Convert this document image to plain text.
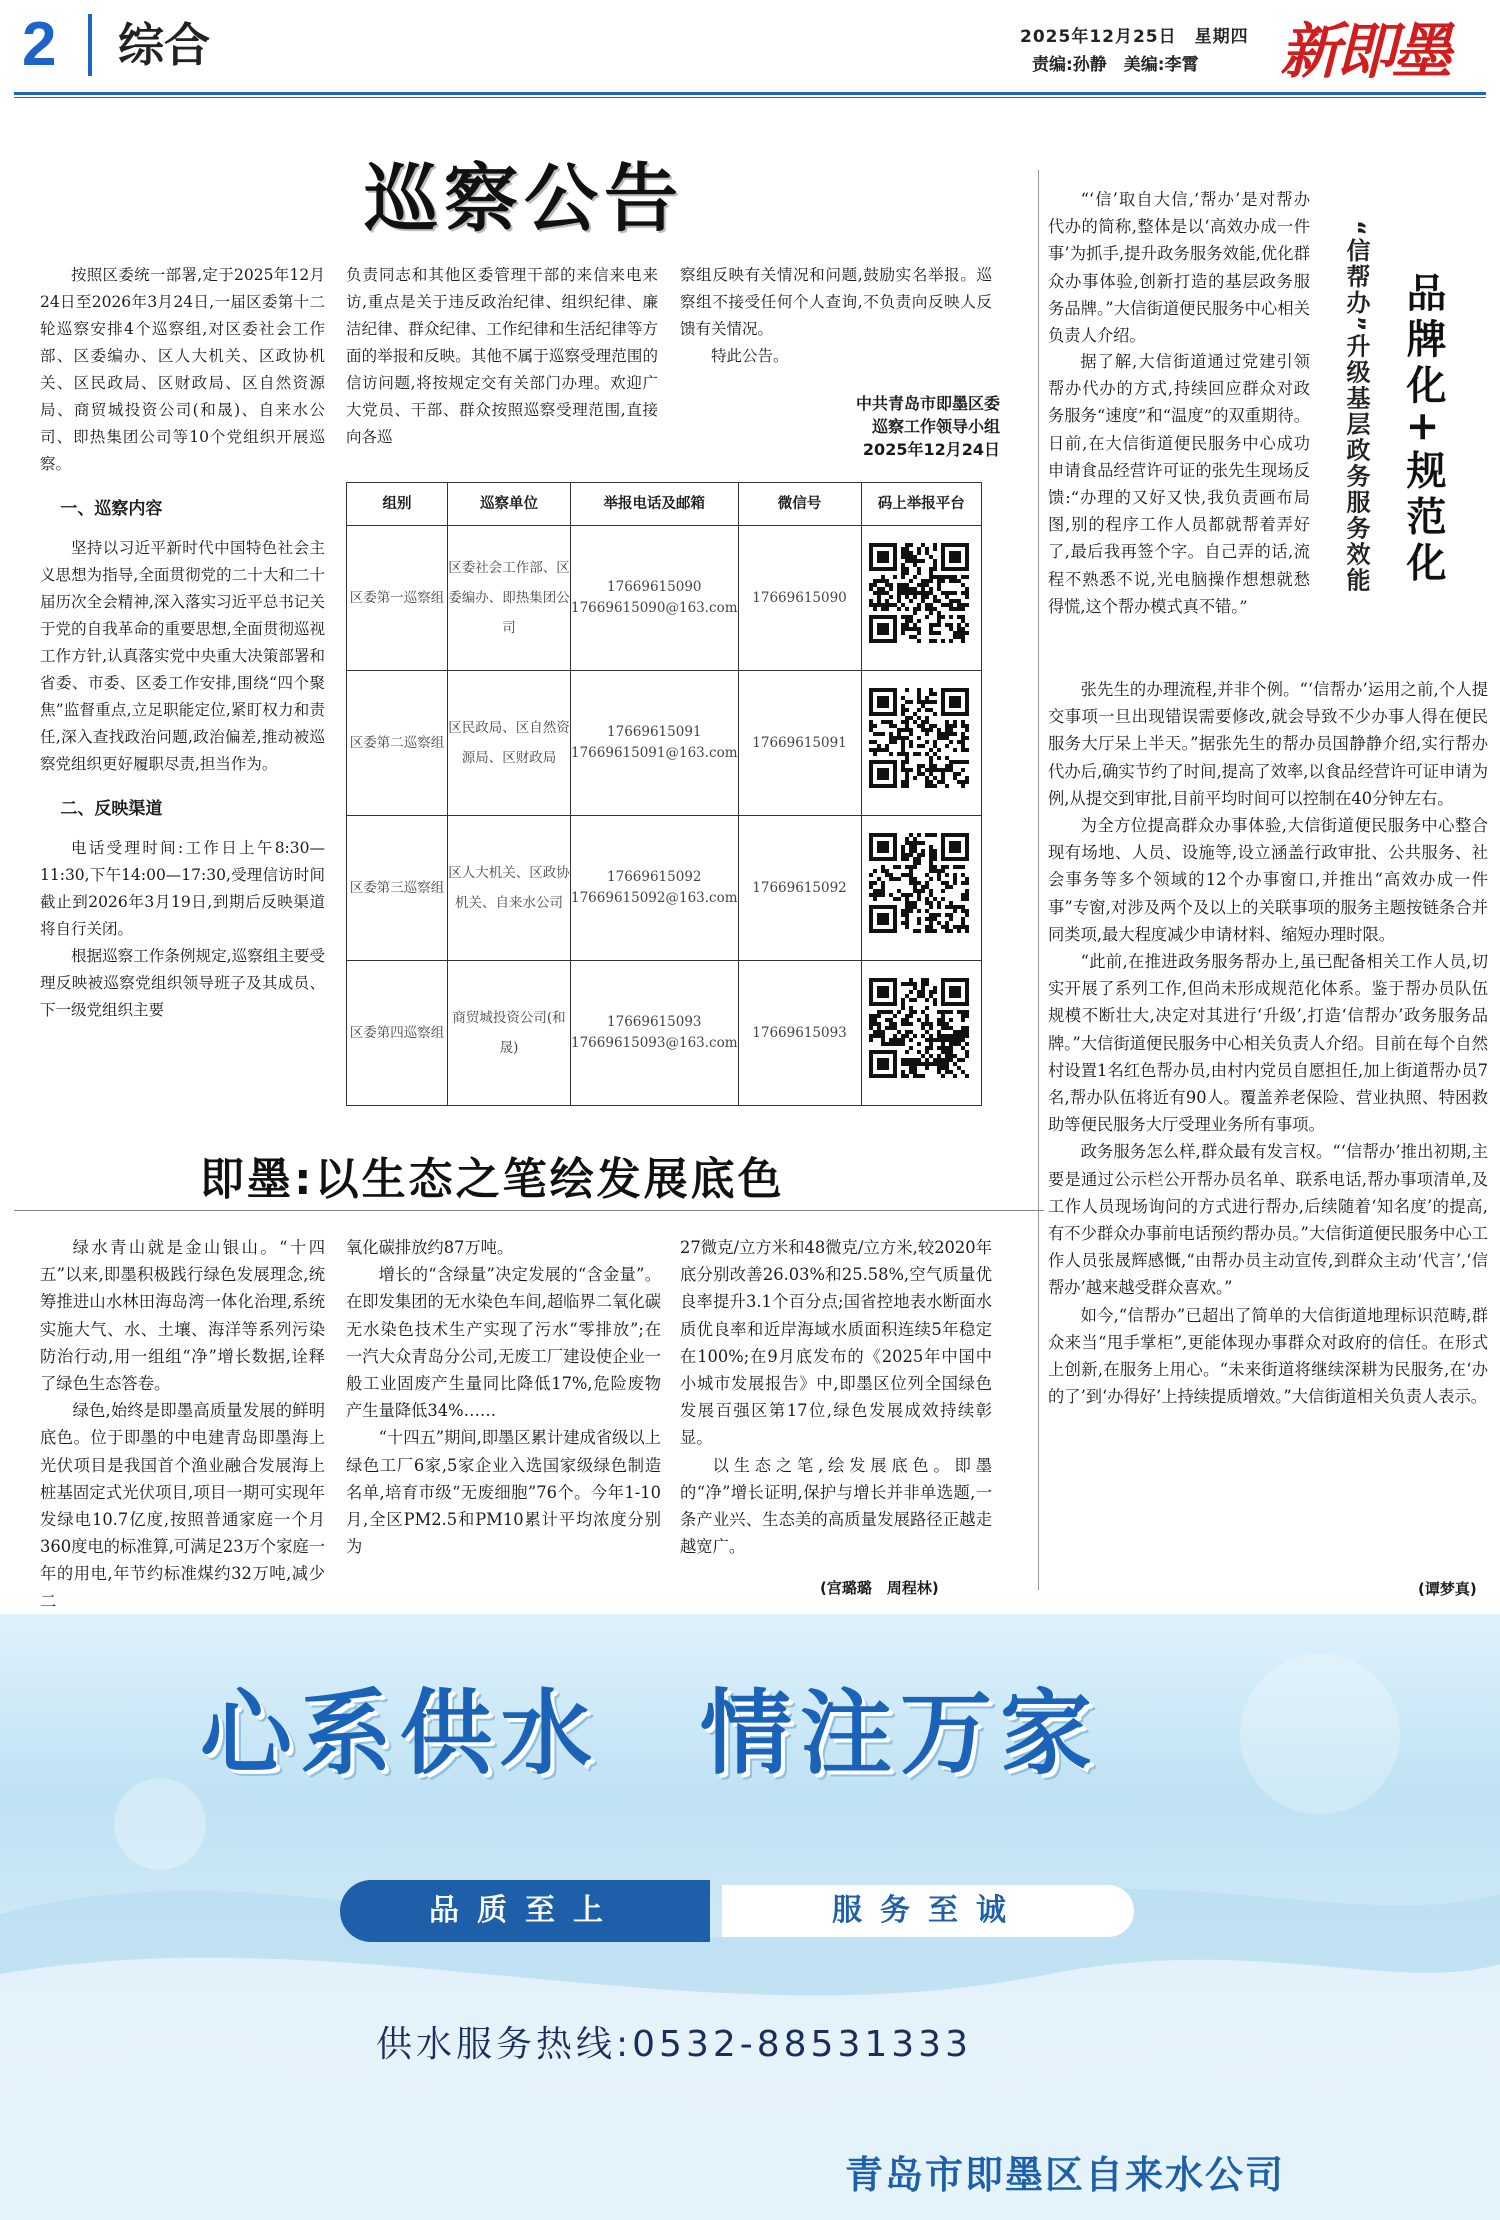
2	综合	2025年12月25日　 星期四
责编:孙静　美编:李霄 新即墨
巡察公告

按照区委统一部署,定于2025年12月24日至2026年3月24日,一届区委第十二轮巡察安排4个巡察组,对区委社会工作部、区委编办、区人大机关、区政协机关、区民政局、区财政局、区自然资源局、商贸城投资公司(和晟)、自来水公司、即热集团公司等10个党组织开展巡察。

一、巡察内容

坚持以习近平新时代中国特色社会主义思想为指导,全面贯彻党的二十大和二十届历次全会精神,深入落实习近平总书记关于党的自我革命的重要思想,全面贯彻巡视工作方针,认真落实党中央重大决策部署和省委、市委、区委工作安排,围绕“四个聚焦”监督重点,立足职能定位,紧盯权力和责任,深入查找政治问题,政治偏差,推动被巡察党组织更好履职尽责,担当作为。

二、反映渠道

电话受理时间:工作日上午8:30—11:30,下午14:00—17:30,受理信访时间截止到2026年3月19日,到期后反映渠道将自行关闭。

根据巡察工作条例规定,巡察组主要受理反映被巡察党组织领导班子及其成员、下一级党组织主要

负责同志和其他区委管理干部的来信来电来访,重点是关于违反政治纪律、组织纪律、廉洁纪律、群众纪律、工作纪律和生活纪律等方面的举报和反映。其他不属于巡察受理范围的信访问题,将按规定交有关部门办理。欢迎广大党员、干部、群众按照巡察受理范围,直接向各巡

察组反映有关情况和问题,鼓励实名举报。巡察组不接受任何个人查询,不负责向反映人反馈有关情况。

特此公告。

中共青岛市即墨区委
巡察工作领导小组
2025年12月24日
组别	巡察单位	举报电话及邮箱	微信号	码上举报平台
区委第一巡察组	区委社会工作部、区委编办、即热集团公司	17669615090
17669615090@163.com	17669615090	

区委第二巡察组	区民政局、区自然资源局、区财政局	17669615091
17669615091@163.com	17669615091	

区委第三巡察组	区人大机关、区政协机关、自来水公司	17669615092
17669615092@163.com	17669615092	

区委第四巡察组	商贸城投资公司(和晟)	17669615093
17669615093@163.com	17669615093	
即墨:以生态之笔绘发展底色

绿水青山就是金山银山。“十四五”以来,即墨积极践行绿色发展理念,统筹推进山水林田海岛湾一体化治理,系统实施大气、水、土壤、海洋等系列污染防治行动,用一组组“净”增长数据,诠释了绿色生态答卷。

绿色,始终是即墨高质量发展的鲜明底色。位于即墨的中电建青岛即墨海上光伏项目是我国首个渔业融合发展海上桩基固定式光伏项目,项目一期可实现年发绿电10.7亿度,按照普通家庭一个月360度电的标准算,可满足23万个家庭一年的用电,年节约标准煤约32万吨,减少二

氧化碳排放约87万吨。

增长的“含绿量”决定发展的“含金量”。在即发集团的无水染色车间,超临界二氧化碳无水染色技术生产实现了污水“零排放”;在一汽大众青岛分公司,无废工厂建设使企业一般工业固废产生量同比降低17%,危险废物产生量降低34%……

“十四五”期间,即墨区累计建成省级以上绿色工厂6家,5家企业入选国家级绿色制造名单,培育市级“无废细胞”76个。今年1-10月,全区PM2.5和PM10累计平均浓度分别为

27微克/立方米和48微克/立方米,较2020年底分别改善26.03%和25.58%,空气质量优良率提升3.1个百分点;国省控地表水断面水质优良率和近岸海域水质面积连续5年稳定在100%;在9月底发布的《2025年中国中小城市发展报告》中,即墨区位列全国绿色发展百强区第17位,绿色发展成效持续彰显。

以生态之笔,绘发展底色。即墨的“净”增长证明,保护与增长并非单选题,一条产业兴、生态美的高质量发展路径正越走越宽广。

(宫璐璐　周程林)
品牌化+规范化
“信帮办”升级基层政务服务效能

“‘信’取自大信,‘帮办’是对帮办代办的简称,整体是以‘高效办成一件事’为抓手,提升政务服务效能,优化群众办事体验,创新打造的基层政务服务品牌。”大信街道便民服务中心相关负责人介绍。

据了解,大信街道通过党建引领帮办代办的方式,持续回应群众对政务服务“速度”和“温度”的双重期待。日前,在大信街道便民服务中心成功申请食品经营许可证的张先生现场反馈:“办理的又好又快,我负责画布局图,别的程序工作人员都就帮着弄好了,最后我再签个字。自己弄的话,流程不熟悉不说,光电脑操作想想就愁得慌,这个帮办模式真不错。”

张先生的办理流程,并非个例。“‘信帮办’运用之前,个人提交事项一旦出现错误需要修改,就会导致不少办事人得在便民服务大厅呆上半天。”据张先生的帮办员国静静介绍,实行帮办代办后,确实节约了时间,提高了效率,以食品经营许可证申请为例,从提交到审批,目前平均时间可以控制在40分钟左右。

为全方位提高群众办事体验,大信街道便民服务中心整合现有场地、人员、设施等,设立涵盖行政审批、公共服务、社会事务等多个领域的12个办事窗口,并推出“高效办成一件事”专窗,对涉及两个及以上的关联事项的服务主题按链条合并同类项,最大程度减少申请材料、缩短办理时限。

“此前,在推进政务服务帮办上,虽已配备相关工作人员,切实开展了系列工作,但尚未形成规范化体系。鉴于帮办员队伍规模不断壮大,决定对其进行‘升级’,打造‘信帮办’政务服务品牌。”大信街道便民服务中心相关负责人介绍。目前在每个自然村设置1名红色帮办员,由村内党员自愿担任,加上街道帮办员7名,帮办队伍将近有90人。覆盖养老保险、营业执照、特困救助等便民服务大厅受理业务所有事项。

政务服务怎么样,群众最有发言权。“‘信帮办’推出初期,主要是通过公示栏公开帮办员名单、联系电话,帮办事项清单,及工作人员现场询问的方式进行帮办,后续随着‘知名度’的提高,有不少群众办事前电话预约帮办员。”大信街道便民服务中心工作人员张晟辉感慨,“由帮办员主动宣传,到群众主动‘代言’,‘信帮办’越来越受群众喜欢。”

如今,“信帮办”已超出了简单的大信街道地理标识范畴,群众来当“甩手掌柜”,更能体现办事群众对政府的信任。在形式上创新,在服务上用心。“未来街道将继续深耕为民服务,在‘办的了’到‘办得好’上持续提质增效。”大信街道相关负责人表示。

(谭梦真)
心系供水　情注万家
品质至上	服务至诚
供水服务热线:0532-88531333
青岛市即墨区自来水公司
